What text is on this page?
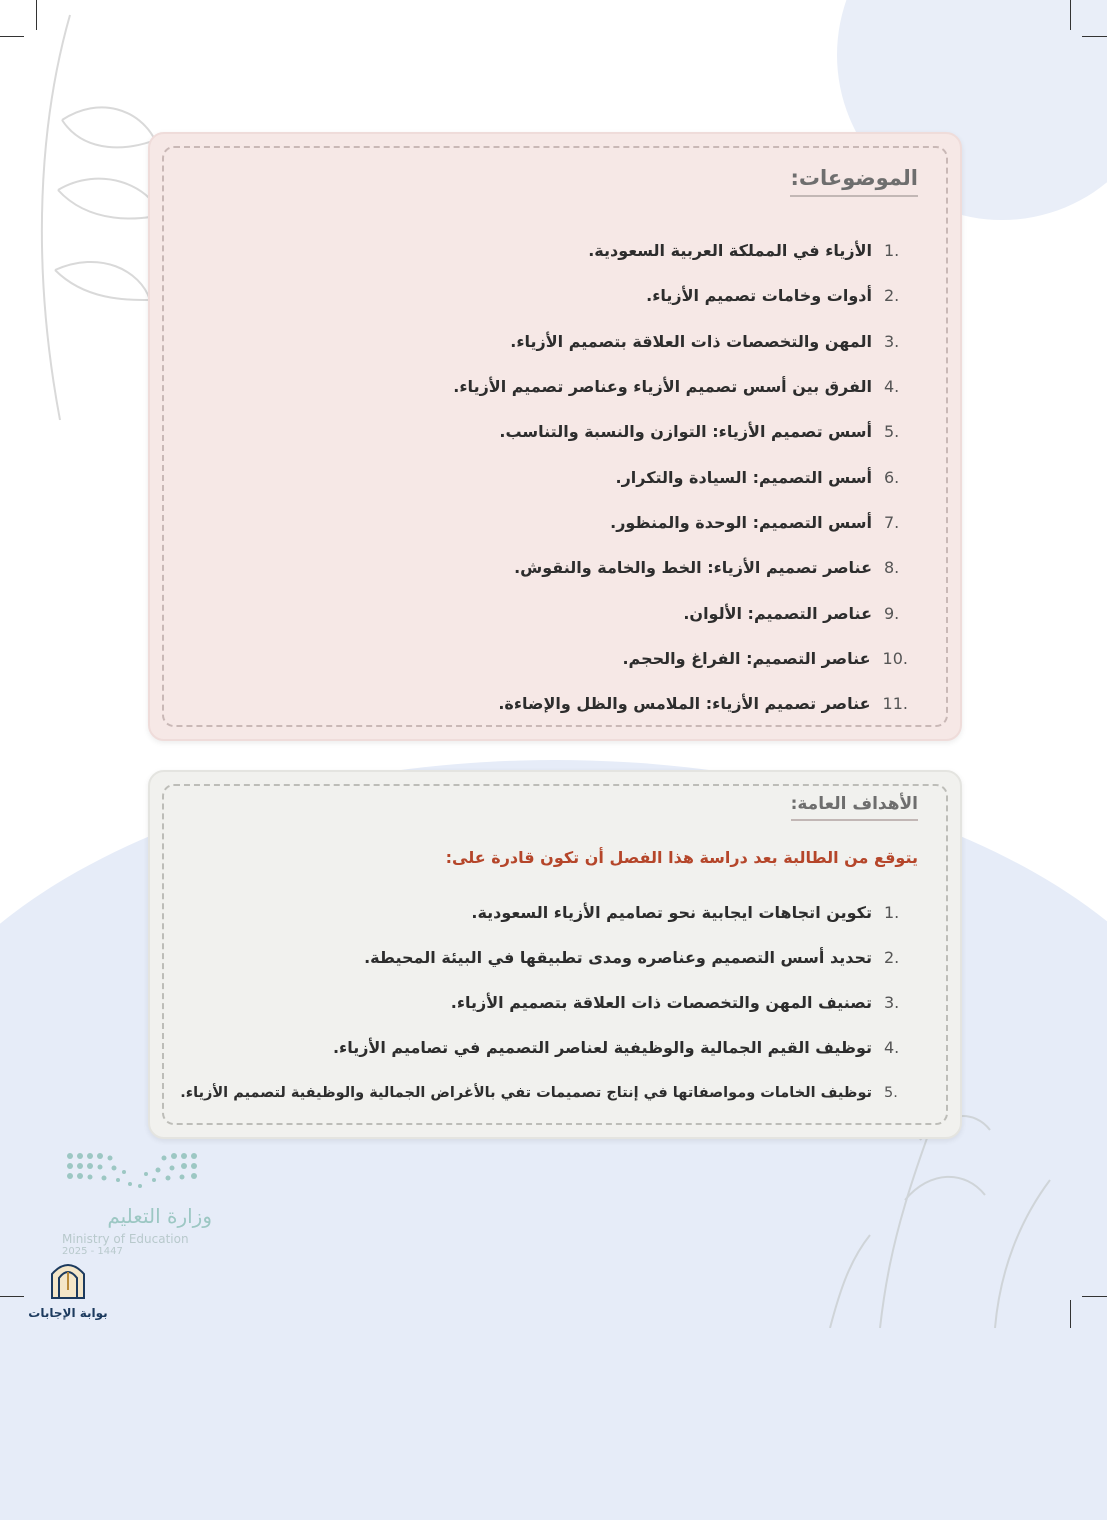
الموضوعات:
1.
الأزياء في المملكة العربية السعودية.
2.
أدوات وخامات تصميم الأزياء.
3.
المهن والتخصصات ذات العلاقة بتصميم الأزياء.
4.
الفرق بين أسس تصميم الأزياء وعناصر تصميم الأزياء.
5.
أسس تصميم الأزياء: التوازن والنسبة والتناسب.
6.
أسس التصميم: السيادة والتكرار.
7.
أسس التصميم: الوحدة والمنظور.
8.
عناصر تصميم الأزياء: الخط والخامة والنقوش.
9.
عناصر التصميم: الألوان.
10.
عناصر التصميم: الفراغ والحجم.
11.
عناصر تصميم الأزياء: الملامس والظل والإضاءة.
الأهداف العامة:
يتوقع من الطالبة بعد دراسة هذا الفصل أن تكون قادرة على:
1.
تكوين اتجاهات ايجابية نحو تصاميم الأزياء السعودية.
2.
تحديد أسس التصميم وعناصره ومدى تطبيقها في البيئة المحيطة.
3.
تصنيف المهن والتخصصات ذات العلاقة بتصميم الأزياء.
4.
توظيف القيم الجمالية والوظيفية لعناصر التصميم في تصاميم الأزياء.
5.
توظيف الخامات ومواصفاتها في إنتاج تصميمات تفي بالأغراض الجمالية والوظيفية لتصميم الأزياء.
وزارة التعليم
Ministry of Education
2025 - 1447
بوابة الإجابات
